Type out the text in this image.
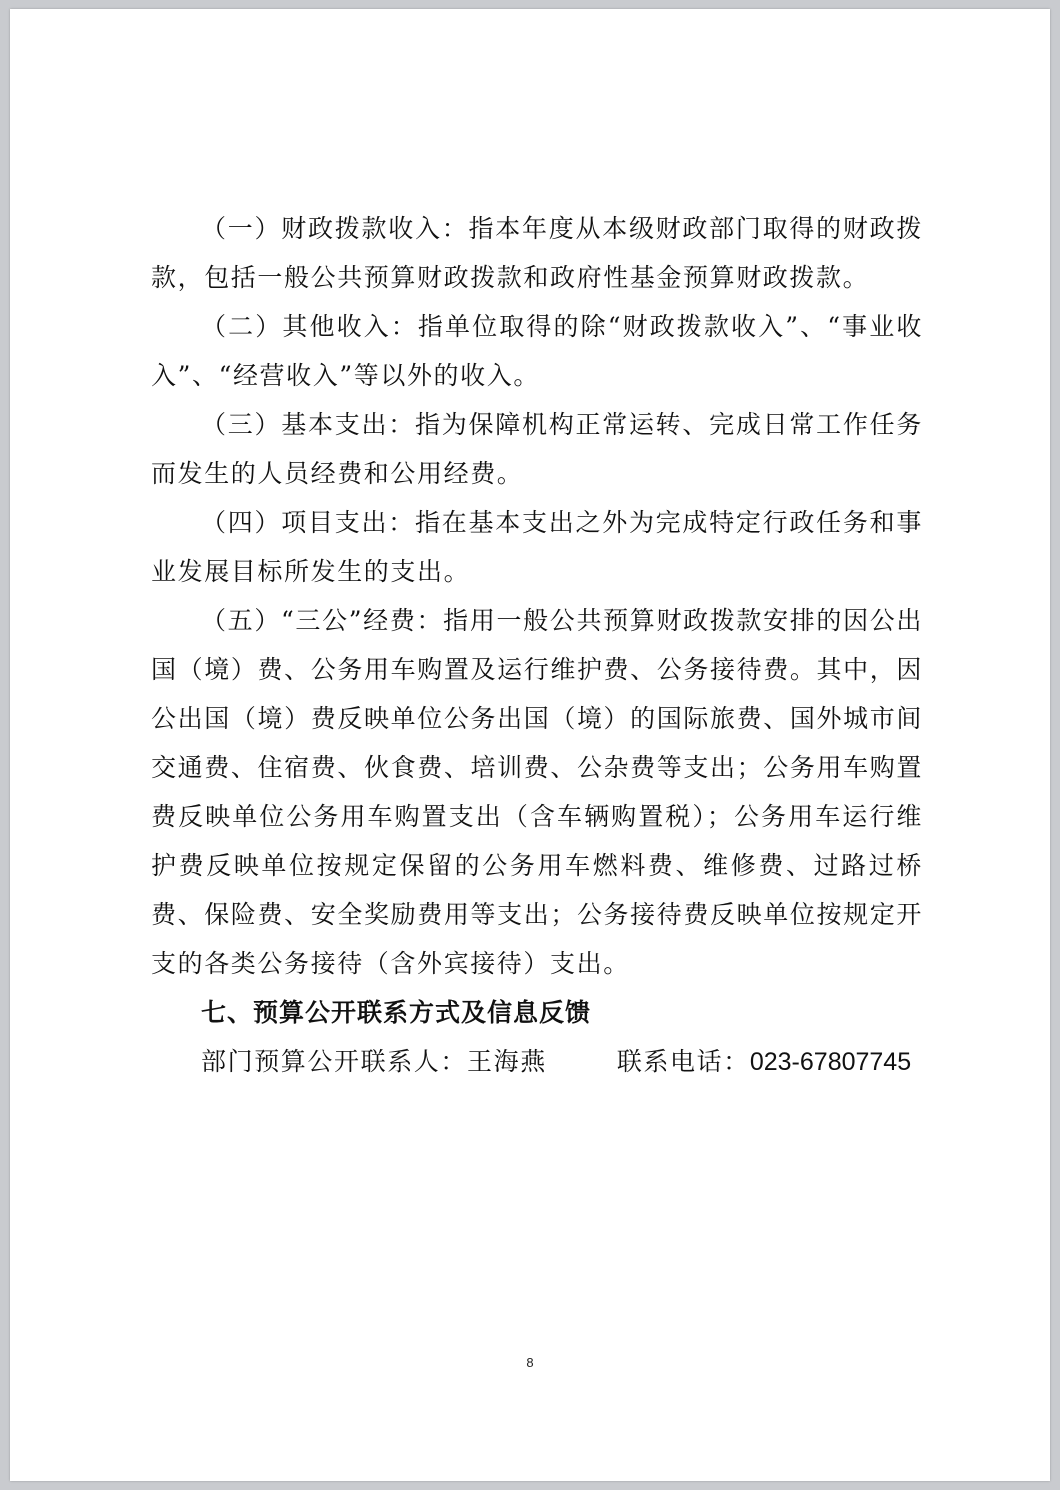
（一）财政拨款收入：指本年度从本级财政部门取得的财政拨款，包括一般公共预算财政拨款和政府性基金预算财政拨款。

（二）其他收入：指单位取得的除“财政拨款收入”、“事业收入”、“经营收入”等以外的收入。

（三）基本支出：指为保障机构正常运转、完成日常工作任务而发生的人员经费和公用经费。

（四）项目支出：指在基本支出之外为完成特定行政任务和事业发展目标所发生的支出。

（五）“三公”经费：指用一般公共预算财政拨款安排的因公出国（境）费、公务用车购置及运行维护费、公务接待费。其中，因公出国（境）费反映单位公务出国（境）的国际旅费、国外城市间交通费、住宿费、伙食费、培训费、公杂费等支出；公务用车购置费反映单位公务用车购置支出（含车辆购置税）；公务用车运行维护费反映单位按规定保留的公务用车燃料费、维修费、过路过桥费、保险费、安全奖励费用等支出；公务接待费反映单位按规定开支的各类公务接待（含外宾接待）支出。

七、预算公开联系方式及信息反馈

部门预算公开联系人：王海燕	联系电话：023-67807745

8
